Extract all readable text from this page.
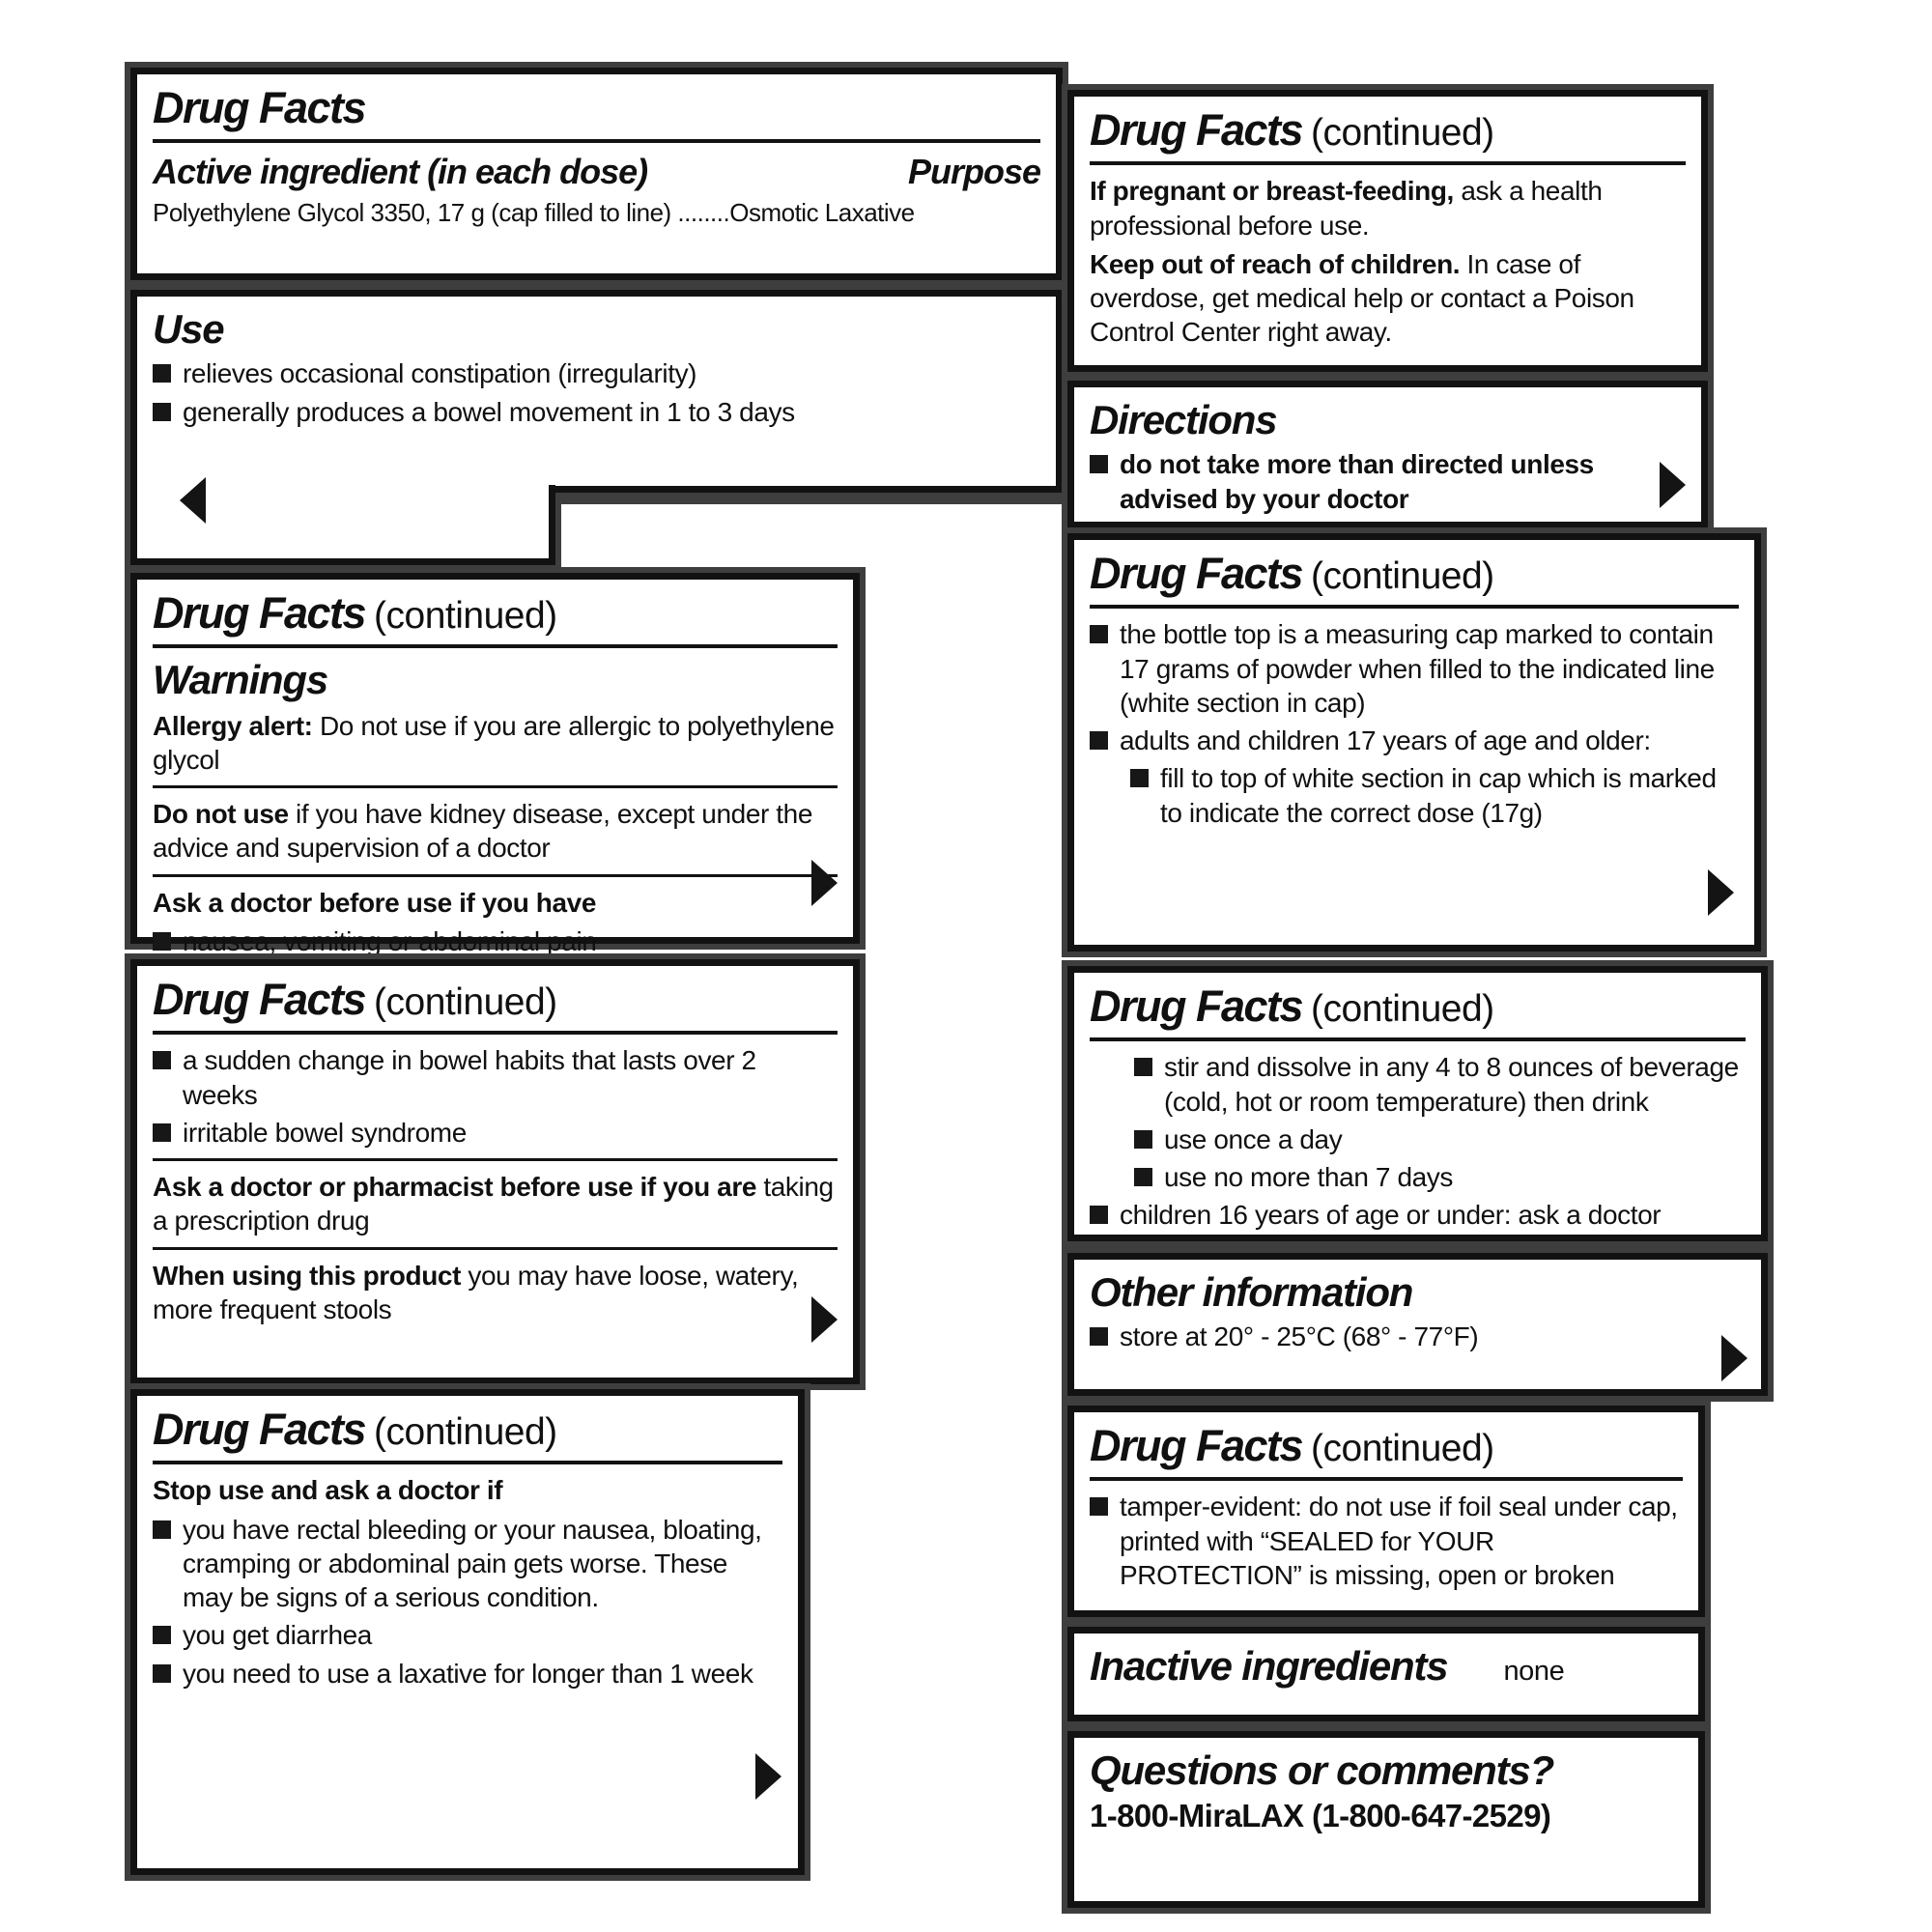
Drug Facts
Active ingredient (in each dose)	Purpose
Polyethylene Glycol 3350, 17 g (cap filled to line) ........Osmotic Laxative
Use
relieves occasional constipation (irregularity)
generally produces a bowel movement in 1 to 3 days
Drug Facts (continued)
Warnings
Allergy alert: Do not use if you are allergic to polyethylene glycol
Do not use if you have kidney disease, except under the advice and supervision of a doctor
Ask a doctor before use if you have
nausea, vomiting or abdominal pain
Drug Facts (continued)
a sudden change in bowel habits that lasts over 2 weeks
irritable bowel syndrome
Ask a doctor or pharmacist before use if you are taking a prescription drug
When using this product you may have loose, watery, more frequent stools
Drug Facts (continued)
Stop use and ask a doctor if
you have rectal bleeding or your nausea, bloating, cramping or abdominal pain gets worse. These may be signs of a serious condition.
you get diarrhea
you need to use a laxative for longer than 1 week
Drug Facts (continued)
If pregnant or breast-feeding, ask a health professional before use.
Keep out of reach of children. In case of overdose, get medical help or contact a Poison Control Center right away.
Directions
do not take more than directed unless advised by your doctor
Drug Facts (continued)
the bottle top is a measuring cap marked to contain 17 grams of powder when filled to the indicated line (white section in cap)
adults and children 17 years of age and older:
fill to top of white section in cap which is marked to indicate the correct dose (17g)
Drug Facts (continued)
stir and dissolve in any 4 to 8 ounces of beverage (cold, hot or room temperature) then drink
use once a day
use no more than 7 days
children 16 years of age or under: ask a doctor
Other information
store at 20° - 25°C (68° - 77°F)
Drug Facts (continued)
tamper-evident: do not use if foil seal under cap, printed with “SEALED for YOUR PROTECTION” is missing, open or broken
Inactive ingredients none
Questions or comments?
1-800-MiraLAX (1-800-647-2529)
